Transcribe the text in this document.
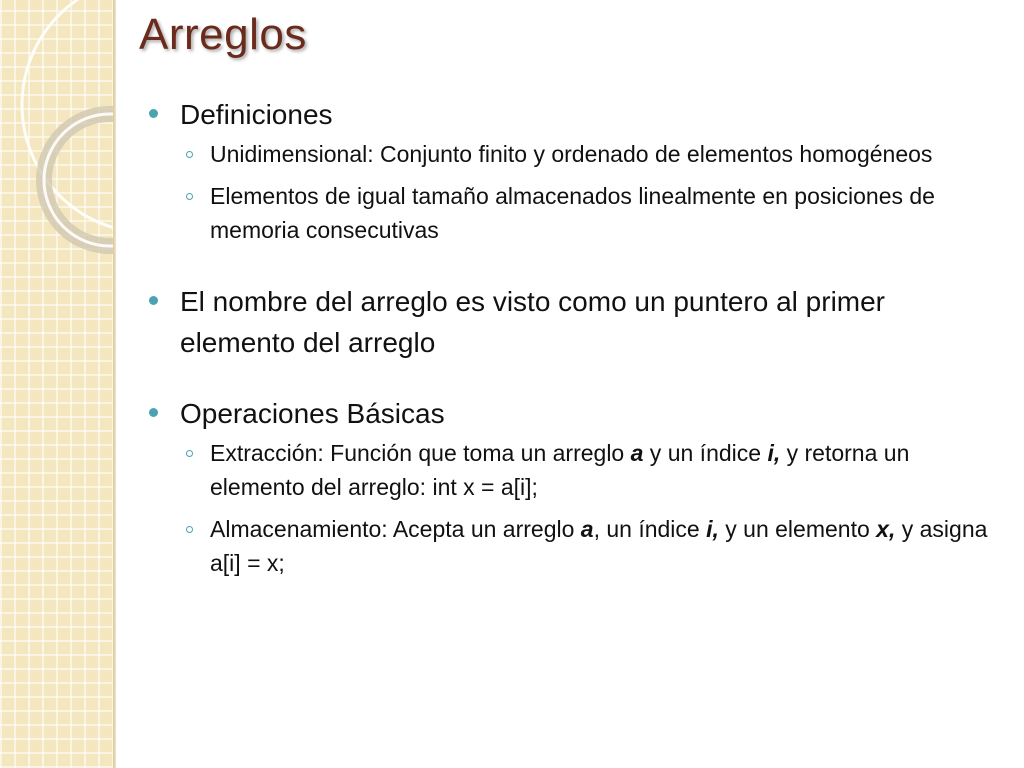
Arreglos
Definiciones
Unidimensional: Conjunto finito y ordenado de elementos homogéneos
Elementos de igual tamaño almacenados linealmente en posiciones de memoria consecutivas
El nombre del arreglo es visto como un puntero al primer elemento del arreglo
Operaciones Básicas
Extracción: Función que toma un arreglo a y un índice i, y retorna un elemento del arreglo: int x = a[i];
Almacenamiento: Acepta un arreglo a, un índice i, y un elemento x, y asigna a[i] = x;
